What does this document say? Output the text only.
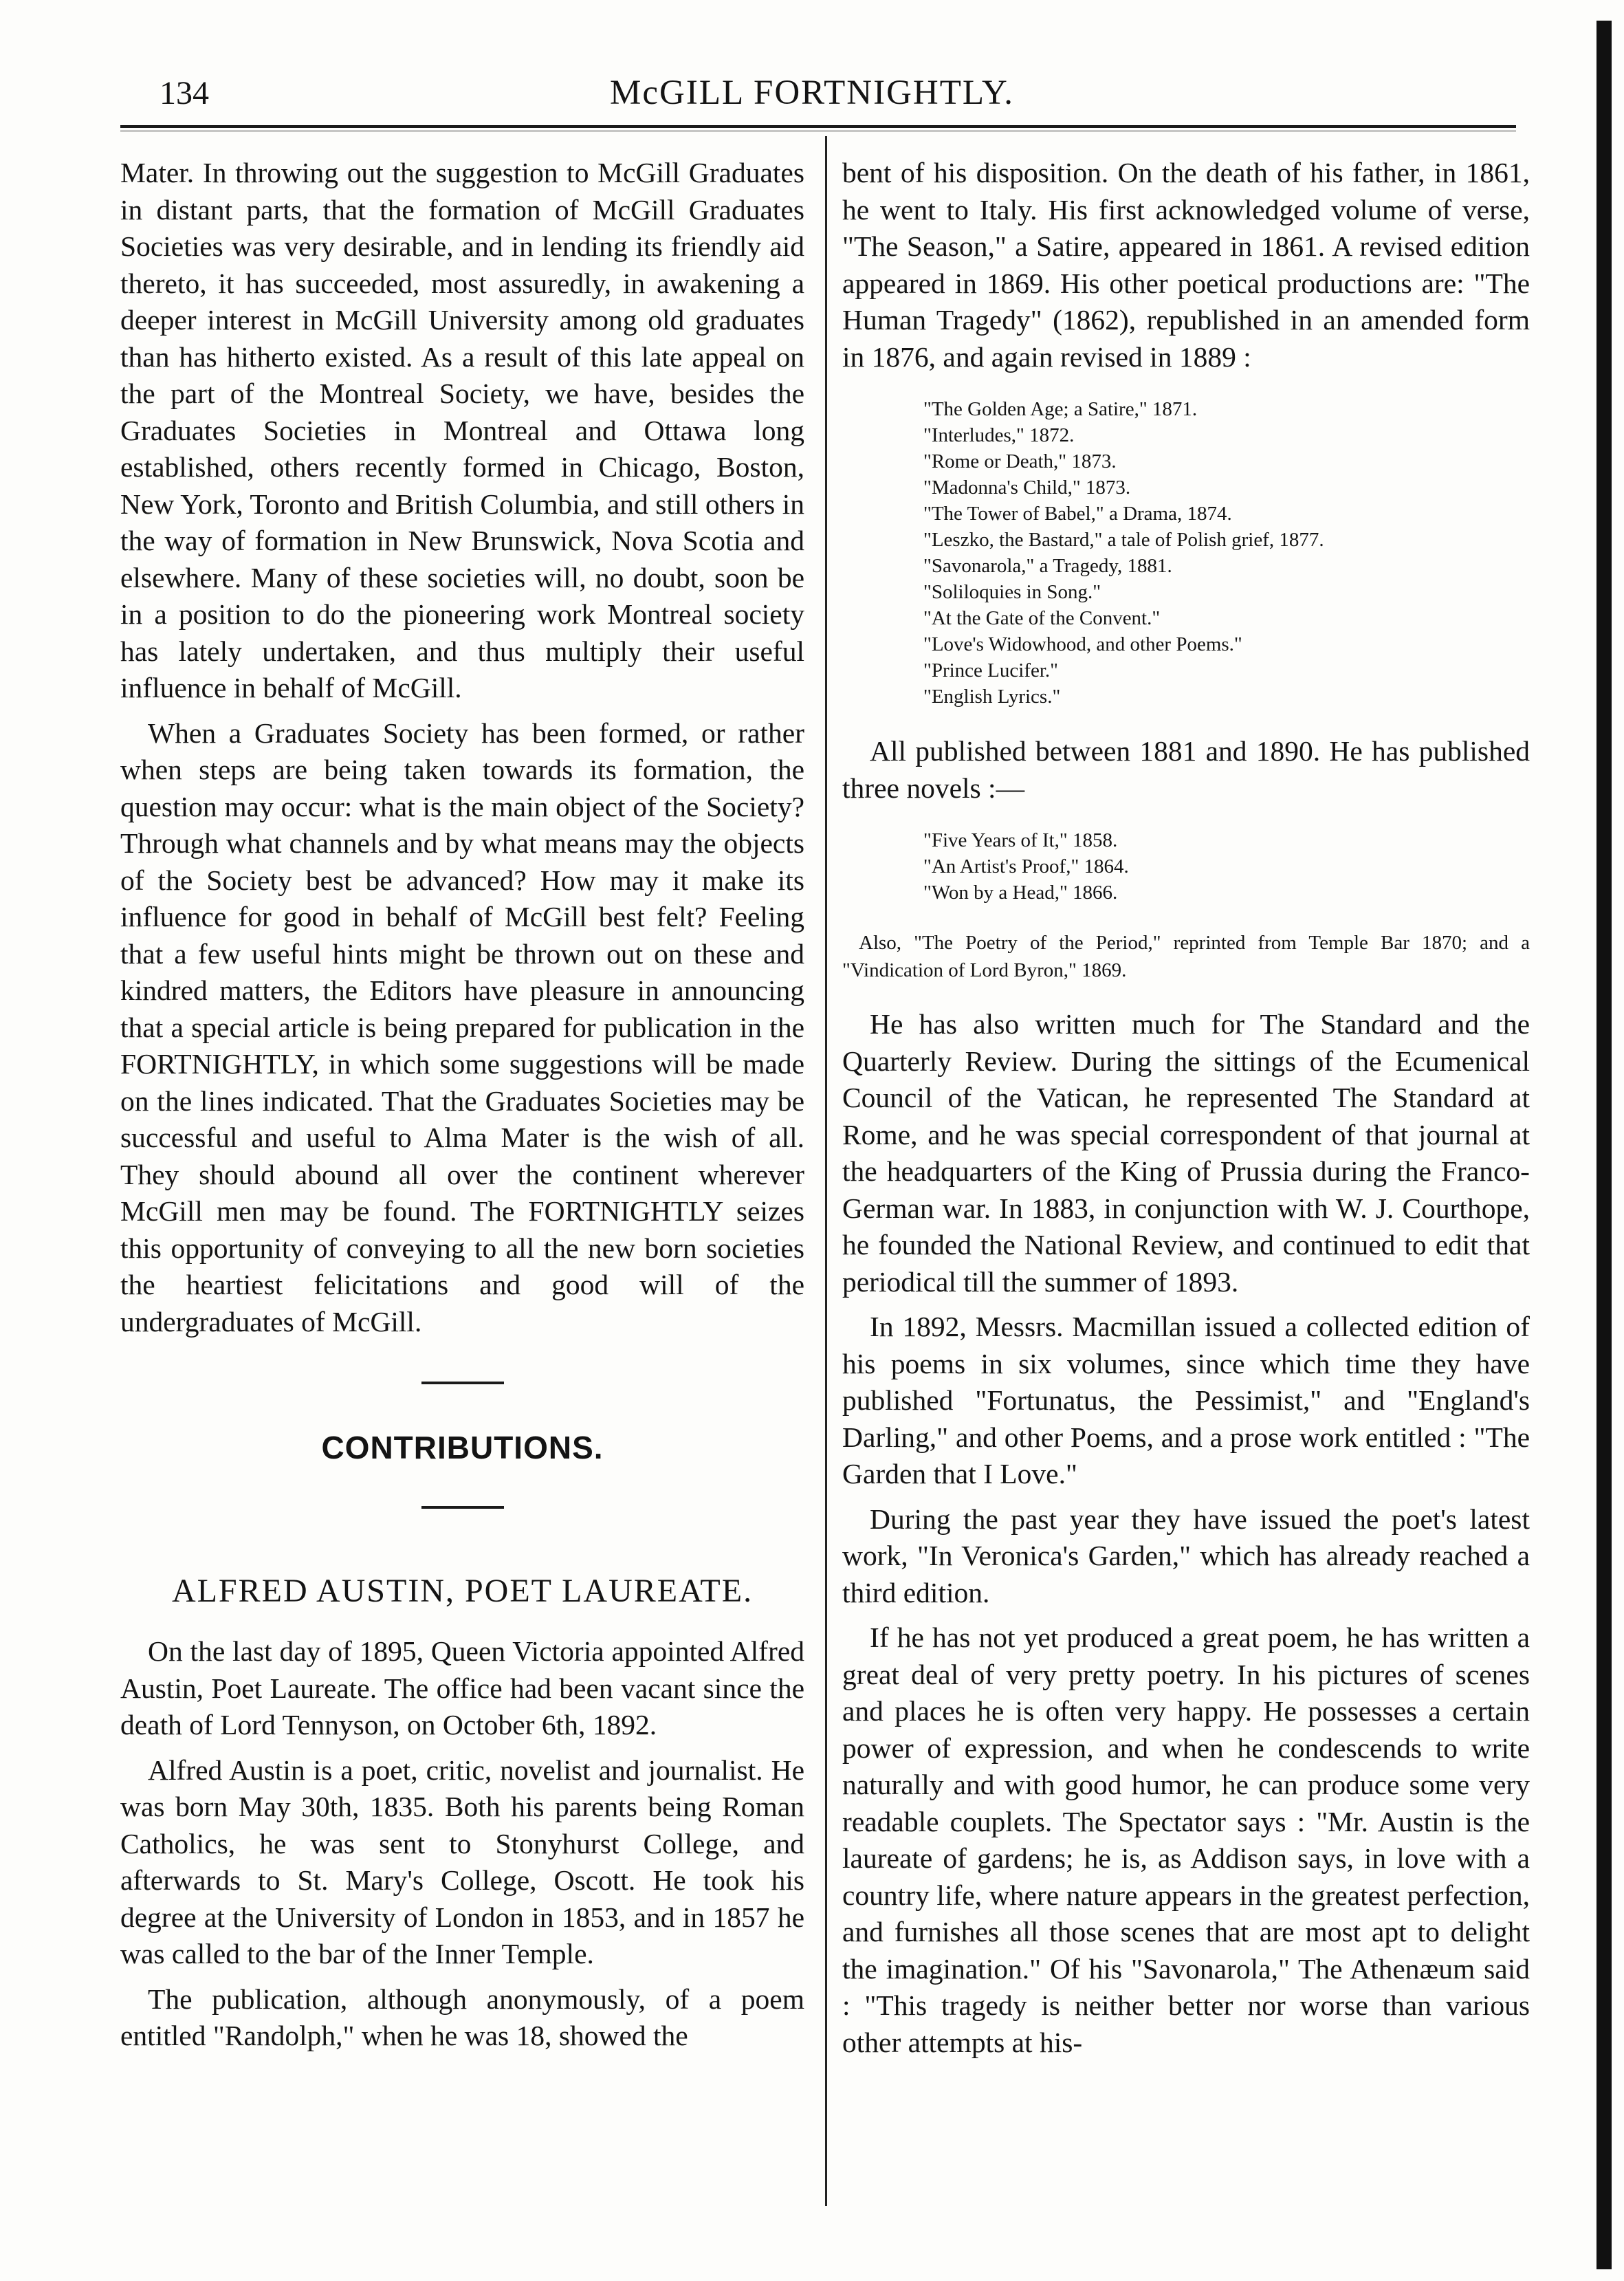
134	McGILL FORTNIGHTLY.

Mater. In throwing out the suggestion to McGill Graduates in distant parts, that the formation of McGill Graduates Societies was very desirable, and in lending its friendly aid thereto, it has succeeded, most assuredly, in awakening a deeper interest in McGill University among old graduates than has hitherto existed. As a result of this late appeal on the part of the Montreal Society, we have, besides the Graduates Societies in Montreal and Ottawa long established, others recently formed in Chicago, Boston, New York, Toronto and British Columbia, and still others in the way of formation in New Brunswick, Nova Scotia and elsewhere. Many of these societies will, no doubt, soon be in a position to do the pioneering work Montreal society has lately undertaken, and thus multiply their useful influence in behalf of McGill.

When a Graduates Society has been formed, or rather when steps are being taken towards its formation, the question may occur: what is the main object of the Society? Through what channels and by what means may the objects of the Society best be advanced? How may it make its influence for good in behalf of McGill best felt? Feeling that a few useful hints might be thrown out on these and kindred matters, the Editors have pleasure in announcing that a special article is being prepared for publication in the FORTNIGHTLY, in which some suggestions will be made on the lines indicated. That the Graduates Societies may be successful and useful to Alma Mater is the wish of all. They should abound all over the continent wherever McGill men may be found. The FORTNIGHTLY seizes this opportunity of conveying to all the new born societies the heartiest felicitations and good will of the undergraduates of McGill.

CONTRIBUTIONS.
ALFRED AUSTIN, POET LAUREATE.

On the last day of 1895, Queen Victoria appointed Alfred Austin, Poet Laureate. The office had been vacant since the death of Lord Tennyson, on October 6th, 1892.

Alfred Austin is a poet, critic, novelist and journalist. He was born May 30th, 1835. Both his parents being Roman Catholics, he was sent to Stonyhurst College, and afterwards to St. Mary's College, Oscott. He took his degree at the University of London in 1853, and in 1857 he was called to the bar of the Inner Temple.

The publication, although anonymously, of a poem entitled "Randolph," when he was 18, showed the

bent of his disposition. On the death of his father, in 1861, he went to Italy. His first acknowledged volume of verse, "The Season," a Satire, appeared in 1861. A revised edition appeared in 1869. His other poetical productions are: "The Human Tragedy" (1862), republished in an amended form in 1876, and again revised in 1889 :

"The Golden Age; a Satire," 1871.
"Interludes," 1872.
"Rome or Death," 1873.
"Madonna's Child," 1873.
"The Tower of Babel," a Drama, 1874.
"Leszko, the Bastard," a tale of Polish grief, 1877.
"Savonarola," a Tragedy, 1881.
"Soliloquies in Song."
"At the Gate of the Convent."
"Love's Widowhood, and other Poems."
"Prince Lucifer."
"English Lyrics."

All published between 1881 and 1890. He has published three novels :—

"Five Years of It," 1858.
"An Artist's Proof," 1864.
"Won by a Head," 1866.

Also, "The Poetry of the Period," reprinted from Temple Bar 1870; and a "Vindication of Lord Byron," 1869.

He has also written much for The Standard and the Quarterly Review. During the sittings of the Ecumenical Council of the Vatican, he represented The Standard at Rome, and he was special correspondent of that journal at the headquarters of the King of Prussia during the Franco-German war. In 1883, in conjunction with W. J. Courthope, he founded the National Review, and continued to edit that periodical till the summer of 1893.

In 1892, Messrs. Macmillan issued a collected edition of his poems in six volumes, since which time they have published "Fortunatus, the Pessimist," and "England's Darling," and other Poems, and a prose work entitled : "The Garden that I Love."

During the past year they have issued the poet's latest work, "In Veronica's Garden," which has already reached a third edition.

If he has not yet produced a great poem, he has written a great deal of very pretty poetry. In his pictures of scenes and places he is often very happy. He possesses a certain power of expression, and when he condescends to write naturally and with good humor, he can produce some very readable couplets. The Spectator says : "Mr. Austin is the laureate of gardens; he is, as Addison says, in love with a country life, where nature appears in the greatest perfection, and furnishes all those scenes that are most apt to delight the imagination." Of his "Savonarola," The Athenæum said : "This tragedy is neither better nor worse than various other attempts at his-
